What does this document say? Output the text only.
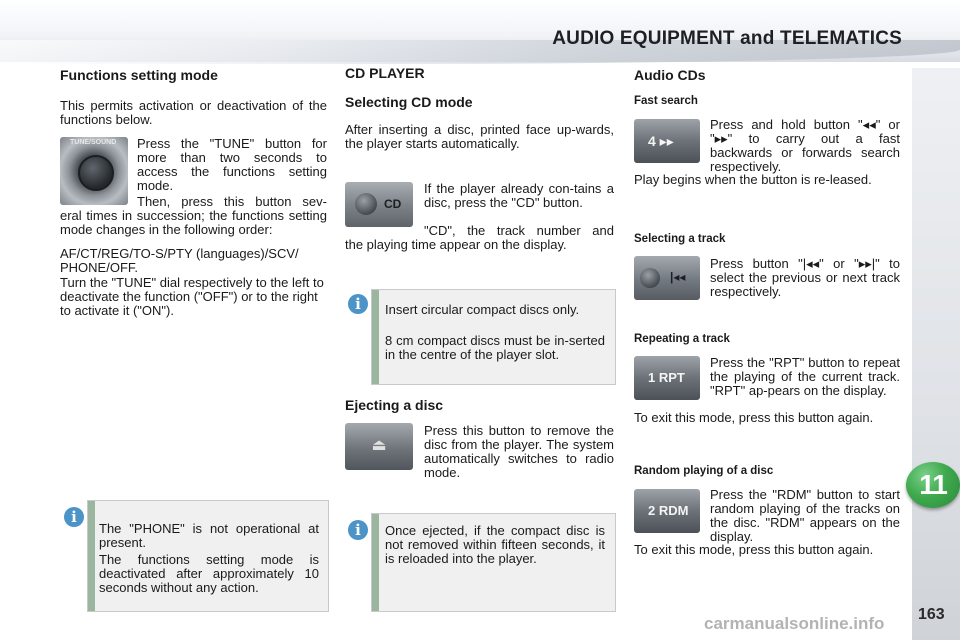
AUDIO EQUIPMENT and TELEMATICS
11
163
carmanualsonline.info
Functions setting mode
This permits activation or deactivation of the functions below.
TUNE/SOUND Press the "TUNE" button for more than two seconds to access the functions setting mode.
Then, press this button sev-
eral times in succession; the functions setting mode changes in the following order:
AF/CT/REG/TO-S/PTY (languages)/SCV/ PHONE/OFF.
Turn the "TUNE" dial respectively to the left to deactivate the function ("OFF") or to the right to activate it ("ON").
The "PHONE" is not operational at present.
The functions setting mode is deactivated after approximately 10 seconds without any action.
i
CD PLAYER
Selecting CD mode
After inserting a disc, printed face up-wards, the player starts automatically.
CD
If the player already con-tains a disc, press the "CD" button.
"CD", the track number and
the playing time appear on the display.
Insert circular compact discs only.
8 cm compact discs must be in-serted in the centre of the player slot.
i
Ejecting a disc
⏏
Press this button to remove the disc from the player. The system automatically switches to radio mode.
Once ejected, if the compact disc is not removed within fifteen seconds, it is reloaded into the player.
i
Audio CDs
Fast search
4 ▸▸
Press and hold button "◂◂" or "▸▸" to carry out a fast backwards or forwards search respectively.
Play begins when the button is re-leased.
Selecting a track
|◂◂
Press button "|◂◂" or "▸▸|" to select the previous or next track respectively.
Repeating a track
1 RPT
Press the "RPT" button to repeat the playing of the current track. "RPT" ap-pears on the display.
To exit this mode, press this button again.
Random playing of a disc
2 RDM
Press the "RDM" button to start random playing of the tracks on the disc. "RDM" appears on the display.
To exit this mode, press this button again.
